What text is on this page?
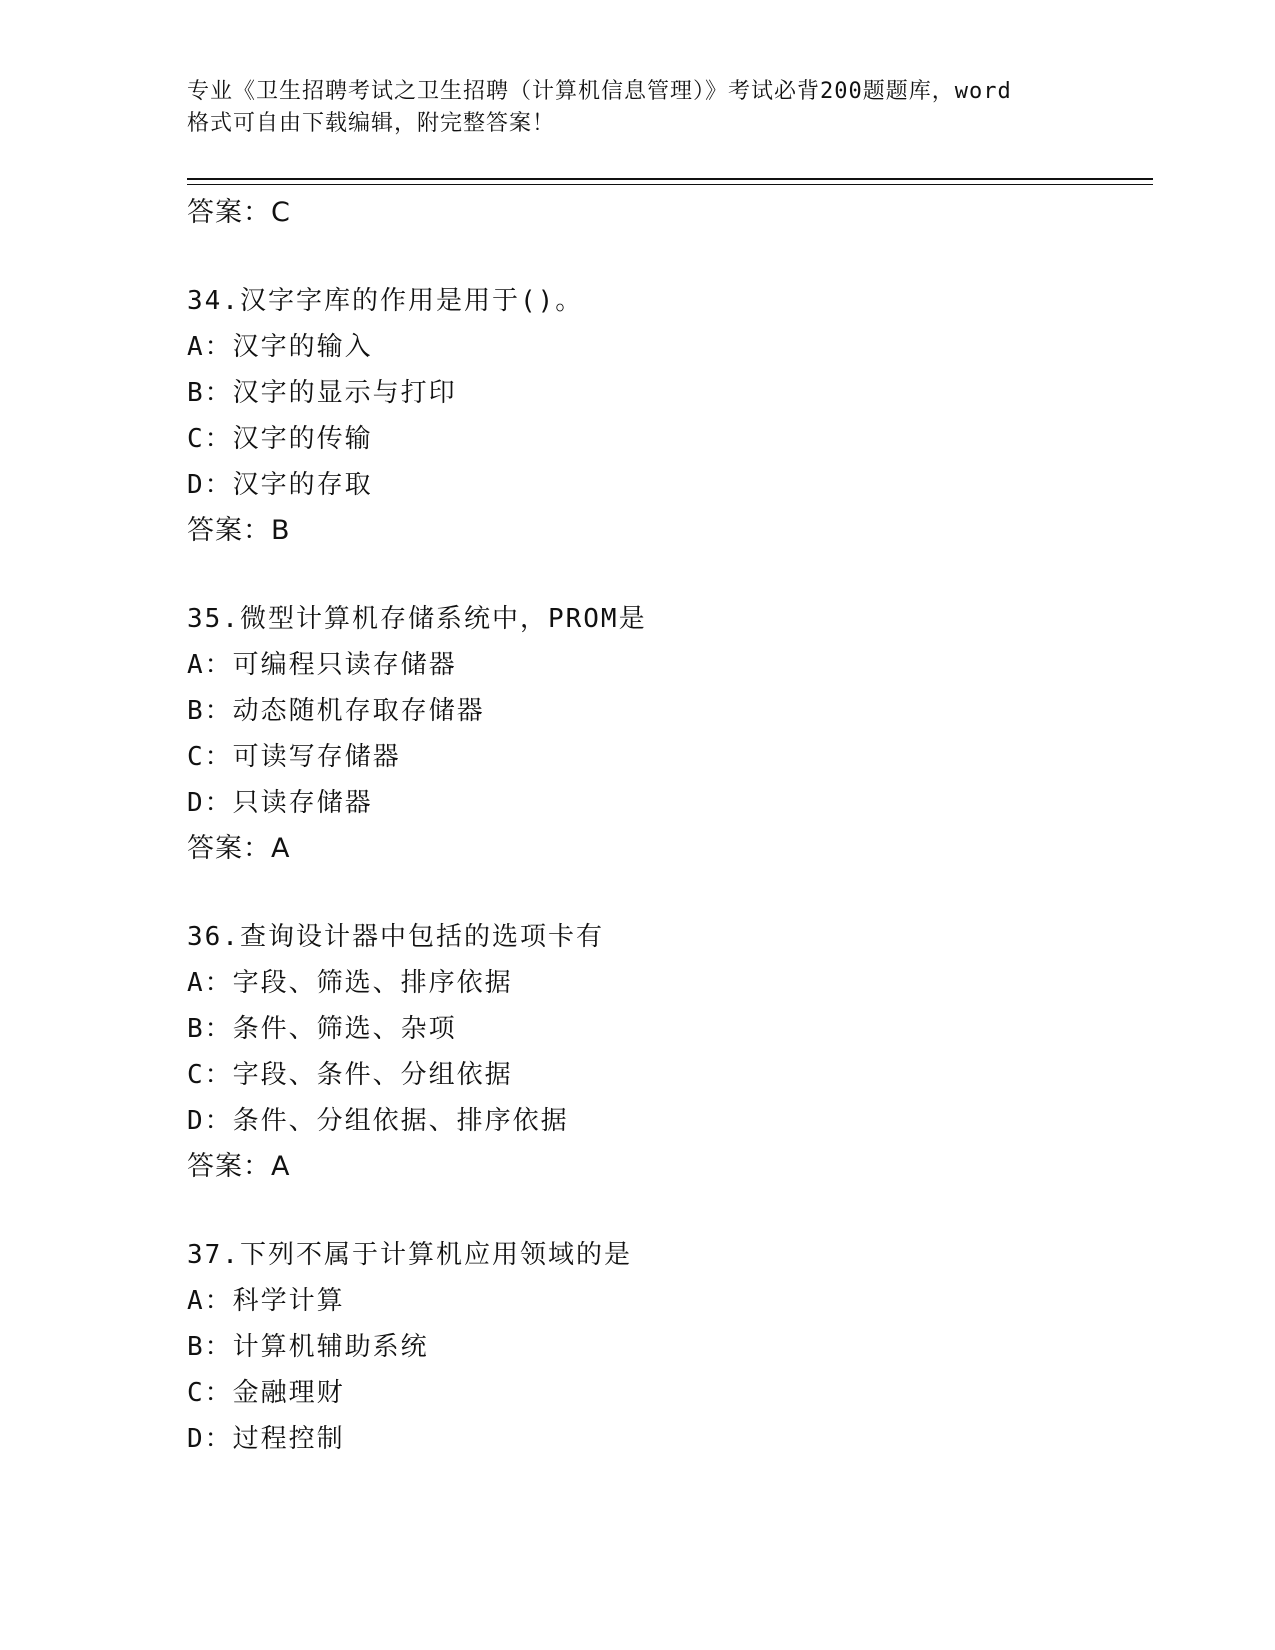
专业《卫生招聘考试之卫生招聘（计算机信息管理）》考试必背200题题库，word
格式可自由下载编辑，附完整答案！
答案：C
34.汉字字库的作用是用于()。
A：汉字的输入
B：汉字的显示与打印
C：汉字的传输
D：汉字的存取
答案：B
35.微型计算机存储系统中，PROM是
A：可编程只读存储器
B：动态随机存取存储器
C：可读写存储器
D：只读存储器
答案：A
36.查询设计器中包括的选项卡有
A：字段、筛选、排序依据
B：条件、筛选、杂项
C：字段、条件、分组依据
D：条件、分组依据、排序依据
答案：A
37.下列不属于计算机应用领域的是
A：科学计算
B：计算机辅助系统
C：金融理财
D：过程控制
